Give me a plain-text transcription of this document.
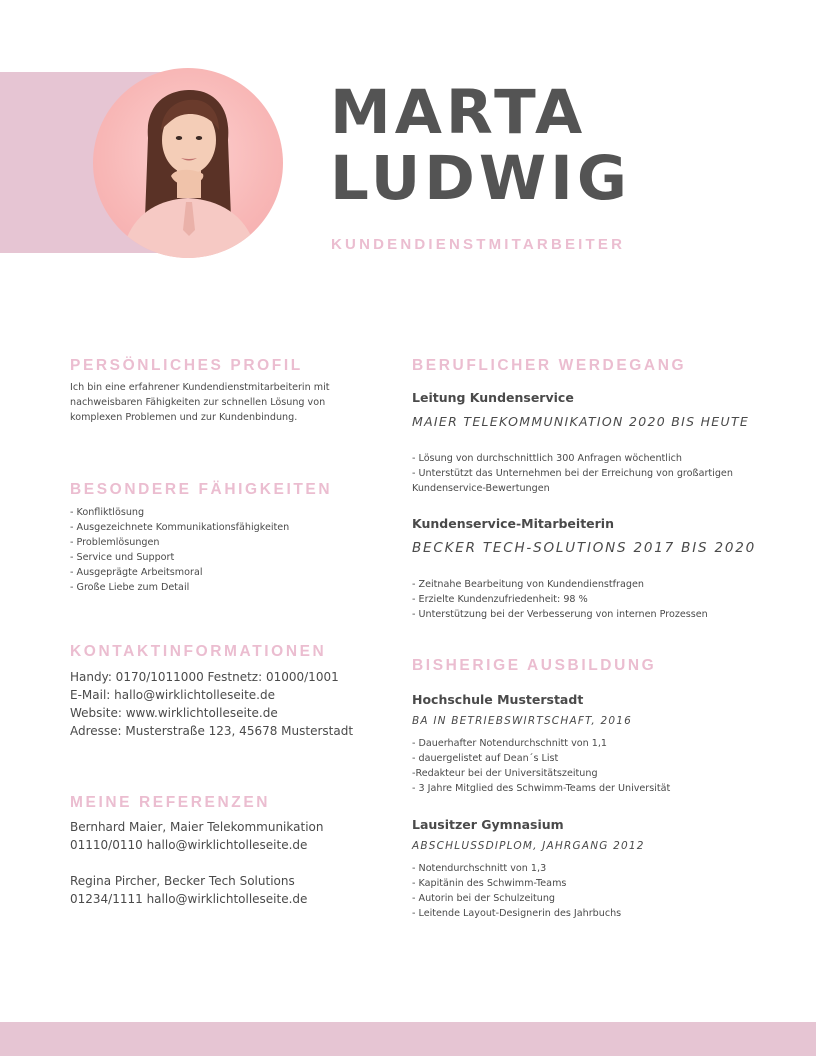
MARTA
LUDWIG

KUNDENDIENSTMITARBEITER

PERSÖNLICHES PROFIL
Ich bin eine erfahrener Kundendienstmitarbeiterin mit
nachweisbaren Fähigkeiten zur schnellen Lösung von
komplexen Problemen und zur Kundenbindung.
BESONDERE FÄHIGKEITEN
- Konfliktlösung
- Ausgezeichnete Kommunikationsfähigkeiten
- Problemlösungen
- Service und Support
- Ausgeprägte Arbeitsmoral
- Große Liebe zum Detail
KONTAKTINFORMATIONEN
Handy: 0170/1011000 Festnetz: 01000/1001
E-Mail: hallo@wirklichtolleseite.de
Website: www.wirklichtolleseite.de
Adresse: Musterstraße 123, 45678 Musterstadt
MEINE REFERENZEN
Bernhard Maier, Maier Telekommunikation
01110/0110 hallo@wirklichtolleseite.de
Regina Pircher, Becker Tech Solutions
01234/1111 hallo@wirklichtolleseite.de
BERUFLICHER WERDEGANG

Leitung Kundenservice

MAIER TELEKOMMUNIKATION 2020 BIS HEUTE

- Lösung von durchschnittlich 300 Anfragen wöchentlich
- Unterstützt das Unternehmen bei der Erreichung von großartigen
Kundenservice-Bewertungen

Kundenservice-Mitarbeiterin

BECKER TECH-SOLUTIONS 2017 BIS 2020

- Zeitnahe Bearbeitung von Kundendienstfragen
- Erzielte Kundenzufriedenheit: 98 %
- Unterstützung bei der Verbesserung von internen Prozessen
BISHERIGE AUSBILDUNG

Hochschule Musterstadt

BA IN BETRIEBSWIRTSCHAFT, 2016

- Dauerhafter Notendurchschnitt von 1,1
- dauergelistet auf Dean´s List
-Redakteur bei der Universitätszeitung
- 3 Jahre Mitglied des Schwimm-Teams der Universität

Lausitzer Gymnasium

ABSCHLUSSDIPLOM, JAHRGANG 2012

- Notendurchschnitt von 1,3
- Kapitänin des Schwimm-Teams
- Autorin bei der Schulzeitung
- Leitende Layout-Designerin des Jahrbuchs
